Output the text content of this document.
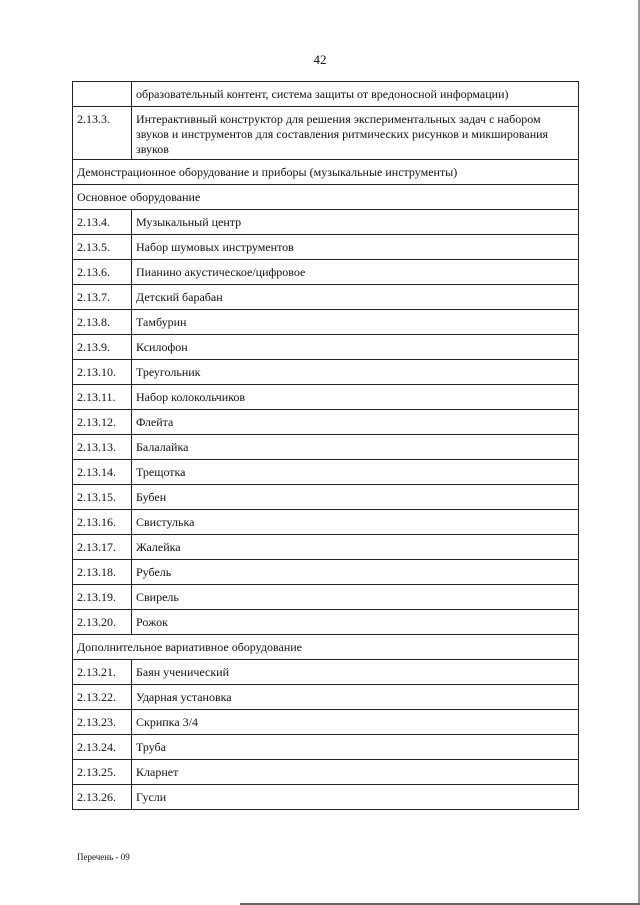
42
	образовательный контент, система защиты от вредоносной информации)
2.13.3.	Интерактивный конструктор для решения экспериментальных задач с набором звуков и инструментов для составления ритмических рисунков и микширования звуков
Демонстрационное оборудование и приборы (музыкальные инструменты)	
Основное оборудование	
2.13.4.	Музыкальный центр
2.13.5.	Набор шумовых инструментов
2.13.6.	Пианино акустическое/цифровое
2.13.7.	Детский барабан
2.13.8.	Тамбурин
2.13.9.	Ксилофон
2.13.10.	Треугольник
2.13.11.	Набор колокольчиков
2.13.12.	Флейта
2.13.13.	Балалайка
2.13.14.	Трещотка
2.13.15.	Бубен
2.13.16.	Свистулька
2.13.17.	Жалейка
2.13.18.	Рубель
2.13.19.	Свирель
2.13.20.	Рожок
Дополнительное вариативное оборудование	
2.13.21.	Баян ученический
2.13.22.	Ударная установка
2.13.23.	Скрипка 3/4
2.13.24.	Труба
2.13.25.	Кларнет
2.13.26.	Гусли
Перечень - 09
